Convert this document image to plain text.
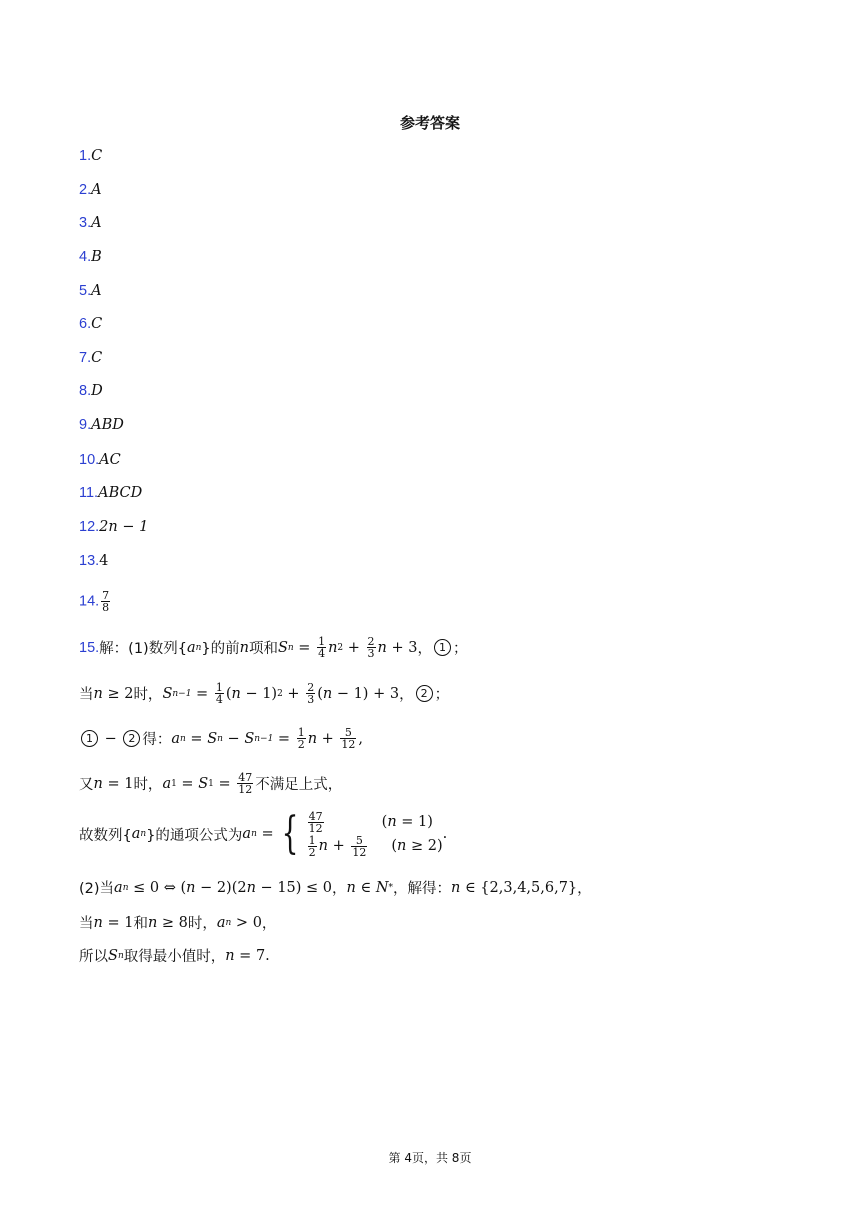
参考答案
1.C
2.A
3.A
4.B
5.A
6.C
7.C
8.D
9.ABD
10.AC
11.ABCD
12.2n − 1
13.4
14. $\frac{7}{8}$
15. 解：(1)数列{ a n }的前 n 项和 S $n = \frac{1}{4}$ n $2 + \frac{2}{3}$ n + 3 ， 1 ；
当 n ≥ 2 时， S $n-1 = \frac{1}{4}$ ( n − 1) $2 + \frac{2}{3}$ ( n − 1) + 3 ， 2 ；
1 − 2 得： a n = S n − S $n-1 = \frac{1}{2}$ $n + \frac{5}{12}$ ,
又 n = 1 时， a 1 = S $1 = \frac{47}{12}$ 不满足上式，
故数列{ a n }的通项公式为 a n = { $\frac{47}{12}$	(n = 1)
$\frac{1}{2}$ $n + \frac{5}{12} (n \ge 2)$
.
(2)当 a n ≤ 0 ⇔ ( n − 2)(2 n − 15) ≤ 0 ， n ∈ N * ，解得： n ∈ {2,3,4,5,6,7} ，
当 n = 1 和 n ≥ 8 时， a n > 0 ，
所以 S n 取得最小值时， n = 7.
第 4页，共 8页
